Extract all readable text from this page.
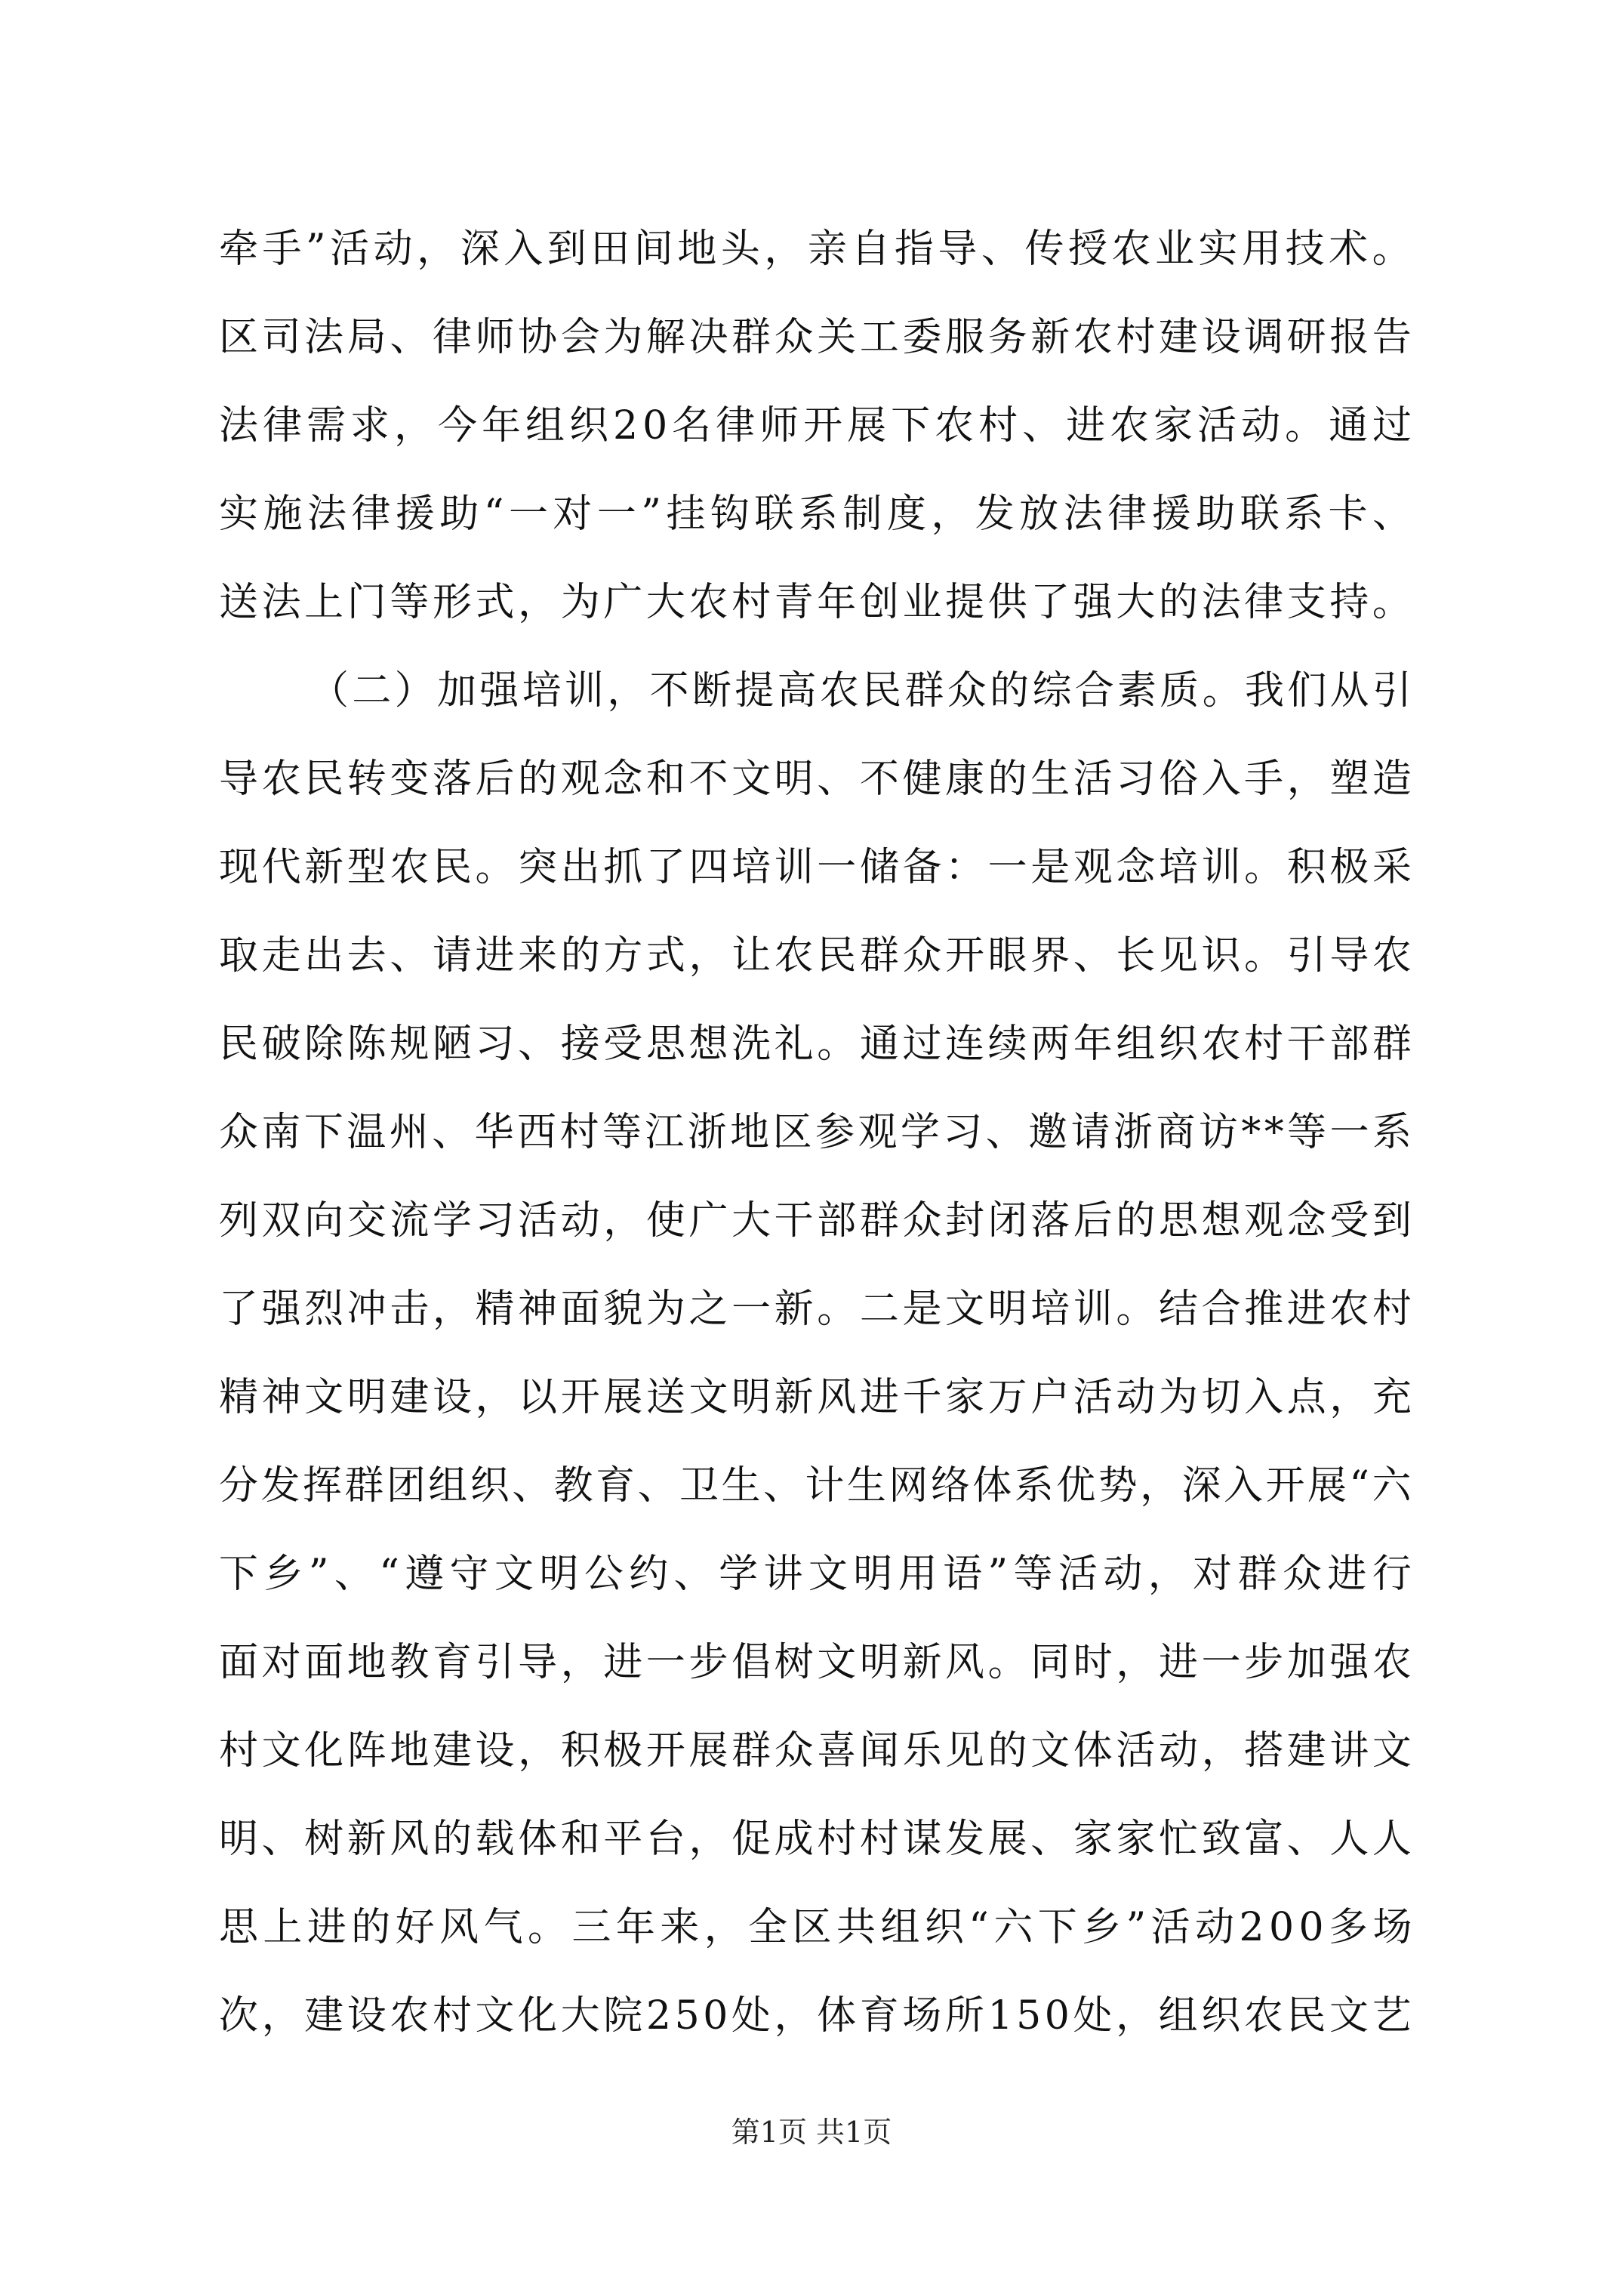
牵手”活动，深入到田间地头，亲自指导、传授农业实用技术。
区司法局、律师协会为解决群众关工委服务新农村建设调研报告
法律需求，今年组织20名律师开展下农村、进农家活动。通过
实施法律援助“一对一”挂钩联系制度，发放法律援助联系卡、
送法上门等形式，为广大农村青年创业提供了强大的法律支持。
（二）加强培训，不断提高农民群众的综合素质。我们从引
导农民转变落后的观念和不文明、不健康的生活习俗入手，塑造
现代新型农民。突出抓了四培训一储备：一是观念培训。积极采
取走出去、请进来的方式，让农民群众开眼界、长见识。引导农
民破除陈规陋习、接受思想洗礼。通过连续两年组织农村干部群
众南下温州、华西村等江浙地区参观学习、邀请浙商访**等一系
列双向交流学习活动，使广大干部群众封闭落后的思想观念受到
了强烈冲击，精神面貌为之一新。二是文明培训。结合推进农村
精神文明建设，以开展送文明新风进千家万户活动为切入点，充
分发挥群团组织、教育、卫生、计生网络体系优势，深入开展“六
下乡”、“遵守文明公约、学讲文明用语”等活动，对群众进行
面对面地教育引导，进一步倡树文明新风。同时，进一步加强农
村文化阵地建设，积极开展群众喜闻乐见的文体活动，搭建讲文
明、树新风的载体和平台，促成村村谋发展、家家忙致富、人人
思上进的好风气。三年来，全区共组织“六下乡”活动200多场
次，建设农村文化大院250处，体育场所150处，组织农民文艺
第1页 共1页
